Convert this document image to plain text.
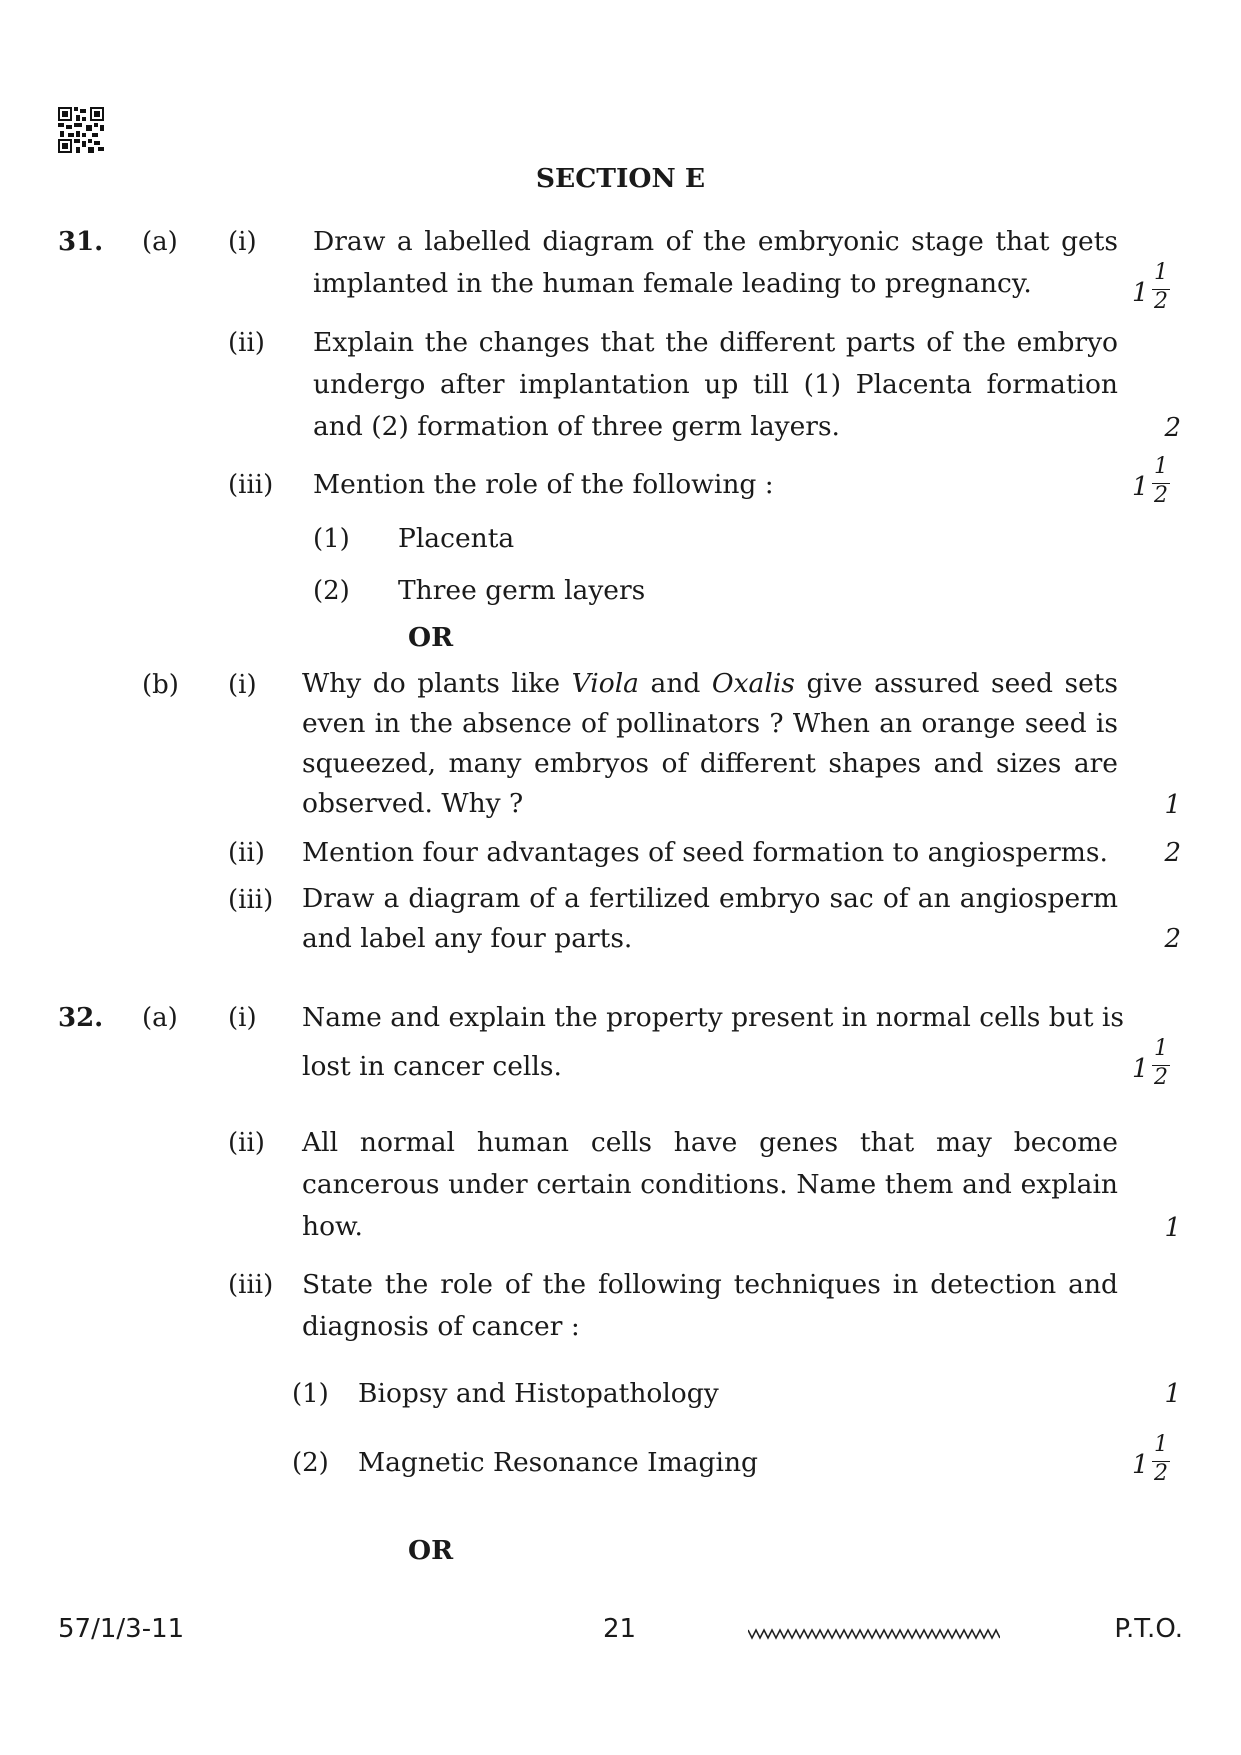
SECTION E
31. (a) (i) Draw a labelled diagram of the embryonic stage that gets implanted in the human female leading to pregnancy.	1
1
2
(ii) Explain the changes that the different parts of the embryo undergo after implantation up till (1) Placenta formation and (2) formation of three germ layers.	2
(iii) Mention the role of the following :	1
1
2
(1) Placenta
(2) Three germ layers
OR
(b) (i) Why do plants like Viola and Oxalis give assured seed sets even in the absence of pollinators ? When an orange seed is squeezed, many embryos of different shapes and sizes are observed. Why ?	1
(ii) Mention four advantages of seed formation to angiosperms. 2
(iii) Draw a diagram of a fertilized embryo sac of an angiosperm and label any four parts.	2
32. (a) (i) Name and explain the property present in normal cells but is
lost in cancer cells.	1
1
2
(ii) All normal human cells have genes that may become cancerous under certain conditions. Name them and explain how.	1
(iii) State the role of the following techniques in detection and diagnosis of cancer :
(1) Biopsy and Histopathology	1
(2) Magnetic Resonance Imaging	1
1
2
OR
57/1/3-11	21	P.T.O.
